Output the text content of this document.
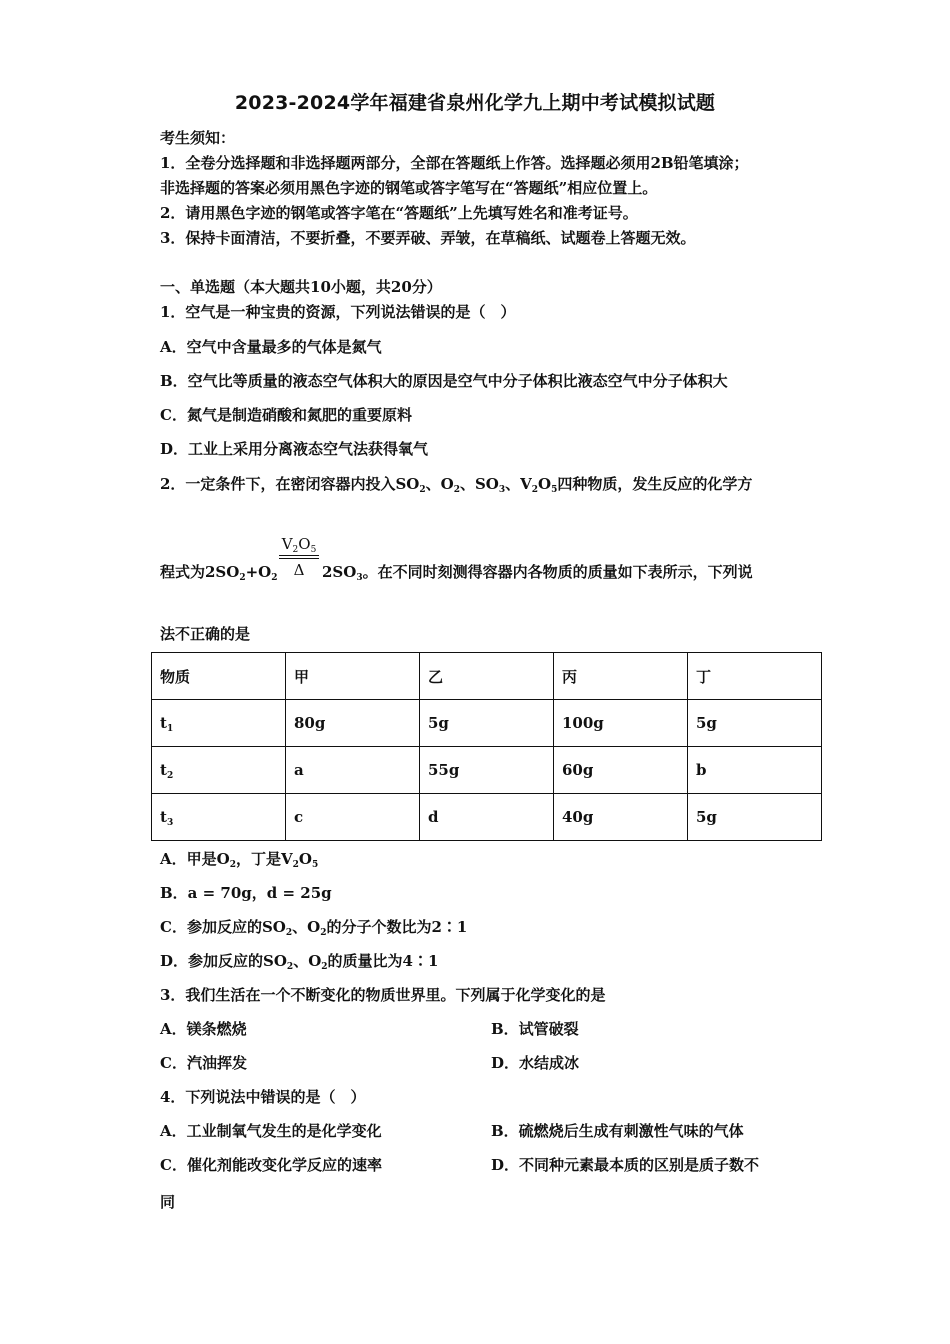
2023-2024学年福建省泉州化学九上期中考试模拟试题
考生须知：
1．全卷分选择题和非选择题两部分，全部在答题纸上作答。选择题必须用2B铅笔填涂；
非选择题的答案必须用黑色字迹的钢笔或答字笔写在“答题纸”相应位置上。
2．请用黑色字迹的钢笔或答字笔在“答题纸”上先填写姓名和准考证号。
3．保持卡面清洁，不要折叠，不要弄破、弄皱，在草稿纸、试题卷上答题无效。
一、单选题（本大题共10小题，共20分）
1．空气是一种宝贵的资源，下列说法错误的是（　）
A．空气中含量最多的气体是氮气
B．空气比等质量的液态空气体积大的原因是空气中分子体积比液态空气中分子体积大
C．氮气是制造硝酸和氮肥的重要原料
D．工业上采用分离液态空气法获得氧气
2．一定条件下，在密闭容器内投入$SO_2$、$O_2$、$SO_3$、$V_2O_5$四种物质，发生反应的化学方
$V_2O_5$
Δ
程式为$2SO_2+O_2$	$2SO_3$。在不同时刻测得容器内各物质的质量如下表所示，下列说
法不正确的是
物质	甲	乙	丙	丁
$t_1$	80g	5g	100g	5g
$t_2$	a	55g	60g	b
$t_3$	c	d	40g	5g
A．甲是$O_2$，丁是$V_2O_5$
B．a = 70g，d = 25g
C．参加反应的$SO_2$、$O_2$的分子个数比为2∶1
D．参加反应的$SO_2$、$O_2$的质量比为4∶1
3．我们生活在一个不断变化的物质世界里。下列属于化学变化的是
A．镁条燃烧	B．试管破裂
C．汽油挥发	D．水结成冰
4．下列说法中错误的是（　）
A．工业制氧气发生的是化学变化	B．硫燃烧后生成有刺激性气味的气体
C．催化剂能改变化学反应的速率	D．不同种元素最本质的区别是质子数不
同
